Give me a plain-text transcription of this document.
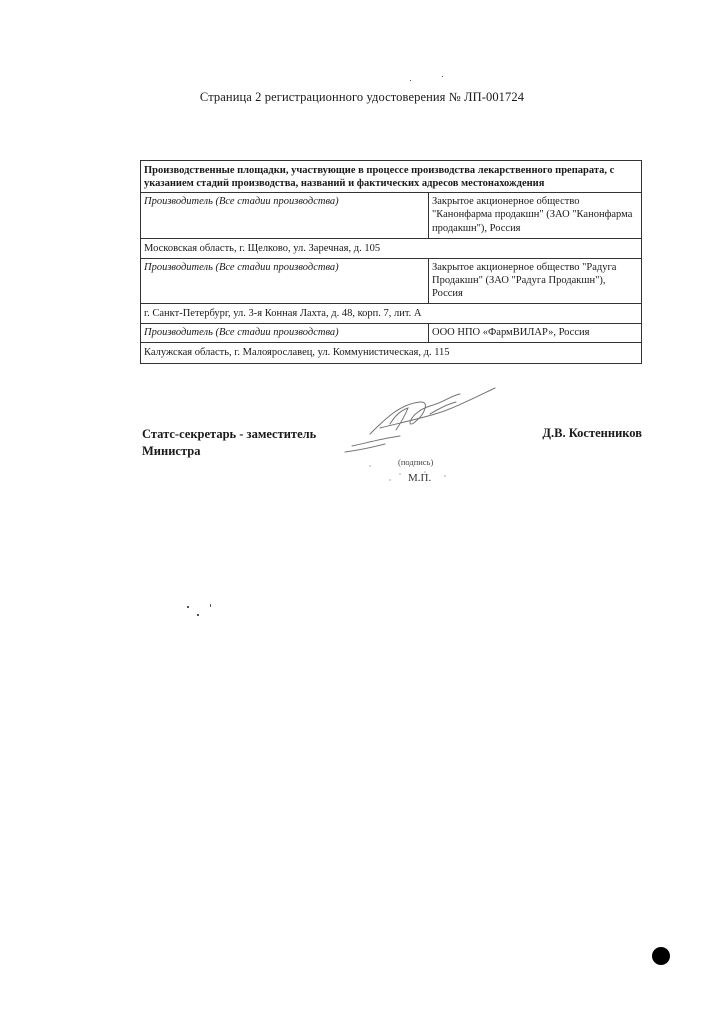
Страница 2 регистрационного удостоверения № ЛП-001724
Производственные площадки, участвующие в процессе производства лекарственного препарата, с указанием стадий производства, названий и фактических адресов местонахождения	
Производитель (Все стадии производства)	Закрытое акционерное общество "Канонфарма продакшн" (ЗАО "Канонфарма продакшн"), Россия
Московская область, г. Щелково, ул. Заречная, д. 105	
Производитель (Все стадии производства)	Закрытое акционерное общество "Радуга Продакшн" (ЗАО "Радуга Продакшн"), Россия
г. Санкт-Петербург, ул. 3-я Конная Лахта, д. 48, корп. 7, лит. А	
Производитель (Все стадии производства)	ООО НПО «ФармВИЛАР», Россия
Калужская область, г. Малоярославец, ул. Коммунистическая, д. 115	
Статс-секретарь - заместитель Министра
Д.В. Костенников
(подпись)
М.П.
